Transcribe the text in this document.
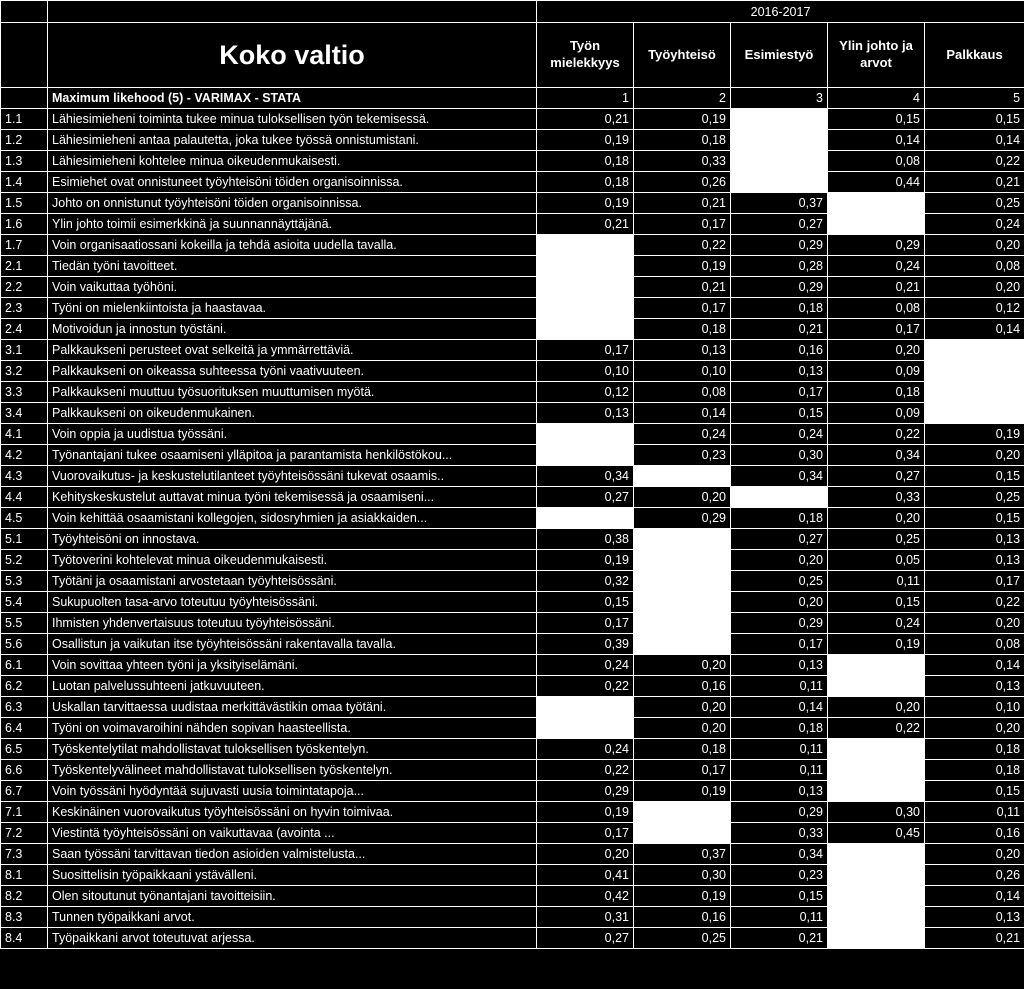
		2016-2017				
	Koko valtio	Työn mielekkyys	Työyhteisö	Esimiestyö	Ylin johto ja arvot	Palkkaus
	Maximum likehood (5) - VARIMAX - STATA	1	2	3	4	5
1.1	Lähiesimieheni toiminta tukee minua tuloksellisen työn tekemisessä.	0,21	0,19		0,15	0,15
1.2	Lähiesimieheni antaa palautetta, joka tukee työssä onnistumistani.	0,19	0,18		0,14	0,14
1.3	Lähiesimieheni kohtelee minua oikeudenmukaisesti.	0,18	0,33		0,08	0,22
1.4	Esimiehet ovat onnistuneet työyhteisöni töiden organisoinnissa.	0,18	0,26		0,44	0,21
1.5	Johto on onnistunut työyhteisöni töiden organisoinnissa.	0,19	0,21	0,37		0,25
1.6	Ylin johto toimii esimerkkinä ja suunnannäyttäjänä.	0,21	0,17	0,27		0,24
1.7	Voin organisaatiossani kokeilla ja tehdä asioita uudella tavalla.		0,22	0,29	0,29	0,20
2.1	Tiedän työni tavoitteet.		0,19	0,28	0,24	0,08
2.2	Voin vaikuttaa työhöni.		0,21	0,29	0,21	0,20
2.3	Työni on mielenkiintoista ja haastavaa.		0,17	0,18	0,08	0,12
2.4	Motivoidun ja innostun työstäni.		0,18	0,21	0,17	0,14
3.1	Palkkaukseni perusteet ovat selkeitä ja ymmärrettäviä.	0,17	0,13	0,16	0,20	
3.2	Palkkaukseni on oikeassa suhteessa työni vaativuuteen.	0,10	0,10	0,13	0,09	
3.3	Palkkaukseni muuttuu työsuorituksen muuttumisen myötä.	0,12	0,08	0,17	0,18	
3.4	Palkkaukseni on oikeudenmukainen.	0,13	0,14	0,15	0,09	
4.1	Voin oppia ja uudistua työssäni.		0,24	0,24	0,22	0,19
4.2	Työnantajani tukee osaamiseni ylläpitoa ja parantamista henkilöstökou...		0,23	0,30	0,34	0,20
4.3	Vuorovaikutus- ja keskustelutilanteet työyhteisössäni tukevat osaamis..	0,34		0,34	0,27	0,15
4.4	Kehityskeskustelut auttavat minua työni tekemisessä ja osaamiseni...	0,27	0,20		0,33	0,25
4.5	Voin kehittää osaamistani kollegojen, sidosryhmien ja asiakkaiden...		0,29	0,18	0,20	0,15
5.1	Työyhteisöni on innostava.	0,38		0,27	0,25	0,13
5.2	Työtoverini kohtelevat minua oikeudenmukaisesti.	0,19		0,20	0,05	0,13
5.3	Työtäni ja osaamistani arvostetaan työyhteisössäni.	0,32		0,25	0,11	0,17
5.4	Sukupuolten tasa-arvo toteutuu työyhteisössäni.	0,15		0,20	0,15	0,22
5.5	Ihmisten yhdenvertaisuus toteutuu työyhteisössäni.	0,17		0,29	0,24	0,20
5.6	Osallistun ja vaikutan itse työyhteisössäni rakentavalla tavalla.	0,39		0,17	0,19	0,08
6.1	Voin sovittaa yhteen työni ja yksityiselämäni.	0,24	0,20	0,13		0,14
6.2	Luotan palvelussuhteeni jatkuvuuteen.	0,22	0,16	0,11		0,13
6.3	Uskallan tarvittaessa uudistaa merkittävästikin omaa työtäni.		0,20	0,14	0,20	0,10
6.4	Työni on voimavaroihini nähden sopivan haasteellista.		0,20	0,18	0,22	0,20
6.5	Työskentelytilat mahdollistavat tuloksellisen työskentelyn.	0,24	0,18	0,11		0,18
6.6	Työskentelyvälineet mahdollistavat tuloksellisen työskentelyn.	0,22	0,17	0,11		0,18
6.7	Voin työssäni hyödyntää sujuvasti uusia toimintatapoja...	0,29	0,19	0,13		0,15
7.1	Keskinäinen vuorovaikutus työyhteisössäni on hyvin toimivaa.	0,19		0,29	0,30	0,11
7.2	Viestintä työyhteisössäni on vaikuttavaa (avointa ...	0,17		0,33	0,45	0,16
7.3	Saan työssäni tarvittavan tiedon asioiden valmistelusta...	0,20	0,37	0,34		0,20
8.1	Suosittelisin työpaikkaani ystävälleni.	0,41	0,30	0,23		0,26
8.2	Olen sitoutunut työnantajani tavoitteisiin.	0,42	0,19	0,15		0,14
8.3	Tunnen työpaikkani arvot.	0,31	0,16	0,11		0,13
8.4	Työpaikkani arvot toteutuvat arjessa.	0,27	0,25	0,21		0,21
